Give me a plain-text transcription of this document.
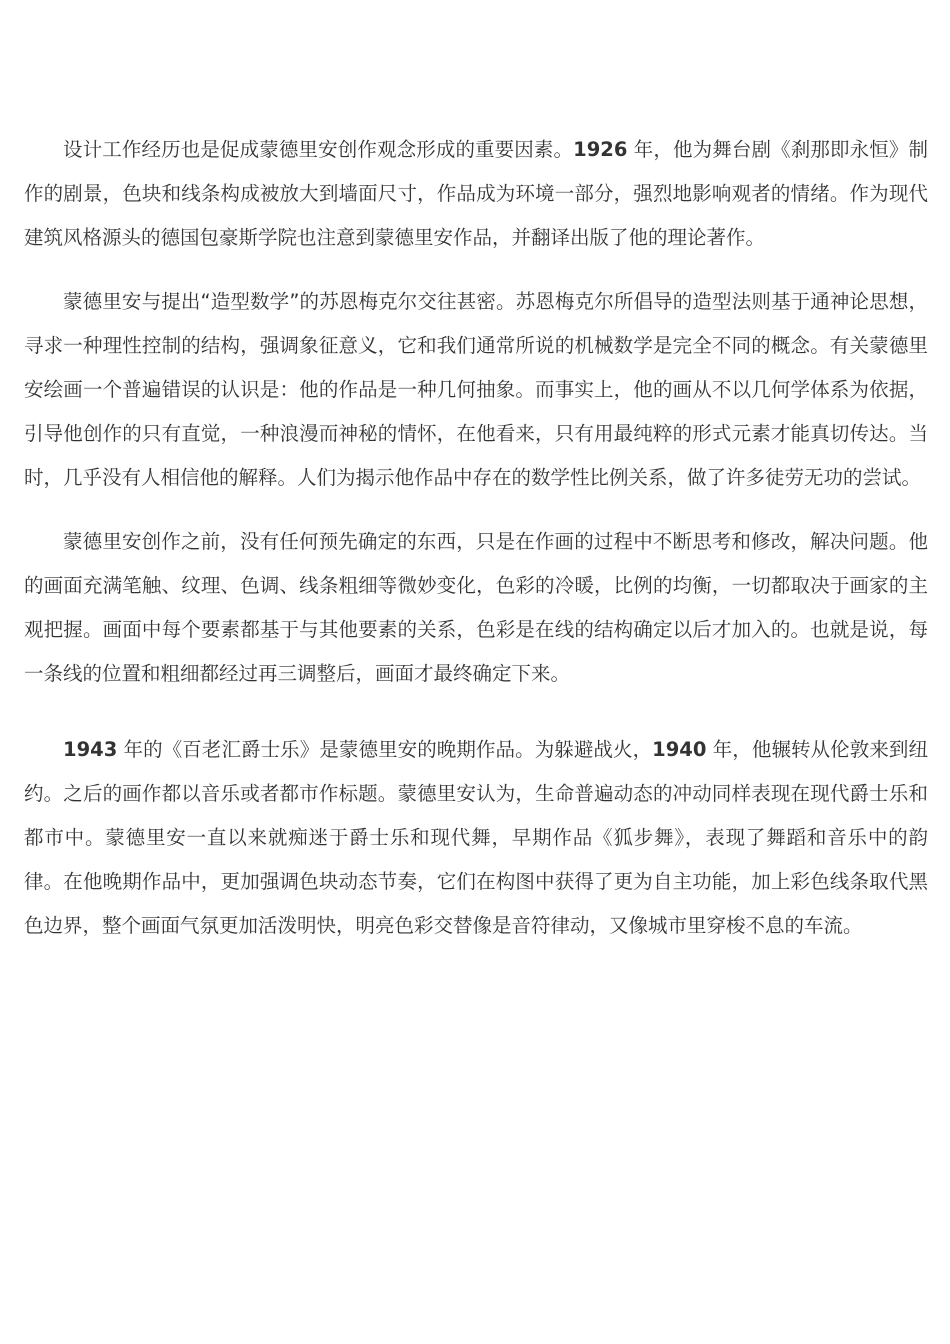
设计工作经历也是促成蒙德里安创作观念形成的重要因素。1926 年，他为舞台剧《刹那即永恒》制作的剧景，色块和线条构成被放大到墙面尺寸，作品成为环境一部分，强烈地影响观者的情绪。作为现代建筑风格源头的德国包豪斯学院也注意到蒙德里安作品，并翻译出版了他的理论著作。

蒙德里安与提出“造型数学”的苏恩梅克尔交往甚密。苏恩梅克尔所倡导的造型法则基于通神论思想，寻求一种理性控制的结构，强调象征意义，它和我们通常所说的机械数学是完全不同的概念。有关蒙德里安绘画一个普遍错误的认识是：他的作品是一种几何抽象。而事实上，他的画从不以几何学体系为依据，引导他创作的只有直觉，一种浪漫而神秘的情怀，在他看来，只有用最纯粹的形式元素才能真切传达。当时，几乎没有人相信他的解释。人们为揭示他作品中存在的数学性比例关系，做了许多徒劳无功的尝试。

蒙德里安创作之前，没有任何预先确定的东西，只是在作画的过程中不断思考和修改，解决问题。他的画面充满笔触、纹理、色调、线条粗细等微妙变化，色彩的冷暖，比例的均衡，一切都取决于画家的主观把握。画面中每个要素都基于与其他要素的关系，色彩是在线的结构确定以后才加入的。也就是说，每一条线的位置和粗细都经过再三调整后，画面才最终确定下来。

1943 年的《百老汇爵士乐》是蒙德里安的晚期作品。为躲避战火，1940 年，他辗转从伦敦来到纽约。之后的画作都以音乐或者都市作标题。蒙德里安认为，生命普遍动态的冲动同样表现在现代爵士乐和都市中。蒙德里安一直以来就痴迷于爵士乐和现代舞，早期作品《狐步舞》，表现了舞蹈和音乐中的韵律。在他晚期作品中，更加强调色块动态节奏，它们在构图中获得了更为自主功能，加上彩色线条取代黑色边界，整个画面气氛更加活泼明快，明亮色彩交替像是音符律动，又像城市里穿梭不息的车流。
